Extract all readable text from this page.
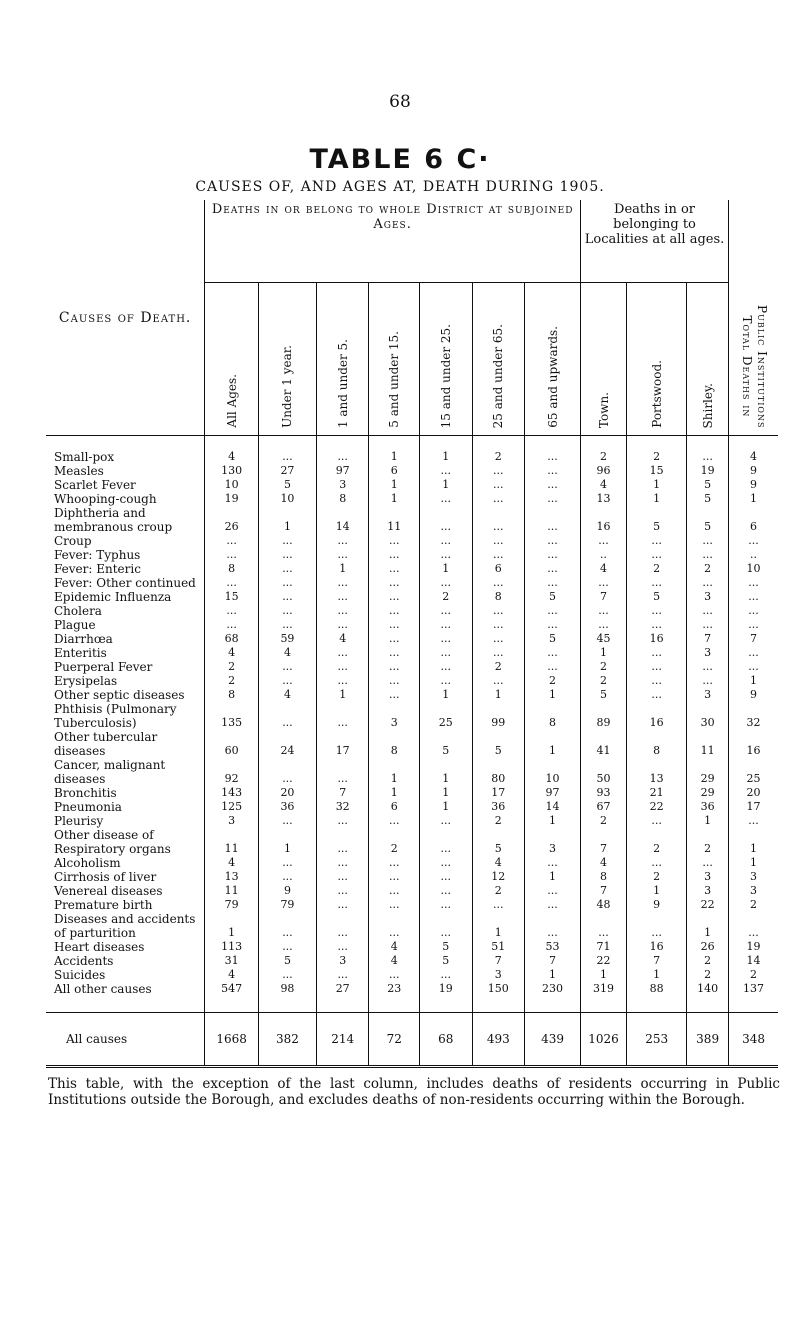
68
TABLE 6 C·
CAUSES OF, AND AGES AT, DEATH DURING 1905.
Causes of Death.	Deaths in or belong to whole District at subjoined Ages.							Deaths in or belonging to Localities at all ages.			Total Deaths in
Public Institutions
	All Ages.	Under 1 year.	1 and under 5.	5 and under 15.	15 and under 25.	25 and under 65.	65 and upwards.	Town.	Portswood.	Shirley.	

Small-pox	4	...	...	1	1	2	...	2	2	...	4
Measles	130	27	97	6	...	...	...	96	15	19	9
Scarlet Fever	10	5	3	1	1	...	...	4	1	5	9
Whooping-cough	19	10	8	1	...	...	...	13	1	5	1
Diphtheria and membranous croup	26	1	14	11	...	...	...	16	5	5	6
Croup	...	...	...	...	...	...	...	...	...	...	...
Fever: Typhus	...	...	...	...	...	...	...	..	...	...	..
Fever: Enteric	8	...	1	...	1	6	...	4	2	2	10
Fever: Other continued	...	...	...	...	...	...	...	...	...	...	...
Epidemic Influenza	15	...	...	...	2	8	5	7	5	3	...
Cholera	...	...	...	...	...	...	...	...	...	...	...
Plague	...	...	...	...	...	...	...	...	...	...	...
Diarrhœa	68	59	4	...	...	...	5	45	16	7	7
Enteritis	4	4	...	...	...	...	...	1	...	3	...
Puerperal Fever	2	...	...	...	...	2	...	2	...	...	...
Erysipelas	2	...	...	...	...	...	2	2	...	...	1
Other septic diseases	8	4	1	...	1	1	1	5	...	3	9
Phthisis (Pulmonary Tuberculosis)	135	...	...	3	25	99	8	89	16	30	32
Other tubercular diseases	60	24	17	8	5	5	1	41	8	11	16
Cancer, malignant diseases	92	...	...	1	1	80	10	50	13	29	25
Bronchitis	143	20	7	1	1	17	97	93	21	29	20
Pneumonia	125	36	32	6	1	36	14	67	22	36	17
Pleurisy	3	...	...	...	...	2	1	2	...	1	...
Other disease of Respiratory organs	11	1	...	2	...	5	3	7	2	2	1
Alcoholism	4	...	...	...	...	4	...	4	...	...	1
Cirrhosis of liver	13	...	...	...	...	12	1	8	2	3	3
Venereal diseases	11	9	...	...	...	2	...	7	1	3	3
Premature birth	79	79	...	...	...	...	...	48	9	22	2
Diseases and accidents of parturition	1	...	...	...	...	1	...	...	...	1	...
Heart diseases	113	...	...	4	5	51	53	71	16	26	19
Accidents	31	5	3	4	5	7	7	22	7	2	14
Suicides	4	...	...	...	...	3	1	1	1	2	2
All other causes	547	98	27	23	19	150	230	319	88	140	137

All causes	1668	382	214	72	68	493	439	1026	253	389	348
This table, with the exception of the last column, includes deaths of residents occurring in Public Institutions outside the Borough, and excludes deaths of non-residents occurring within the Borough.
